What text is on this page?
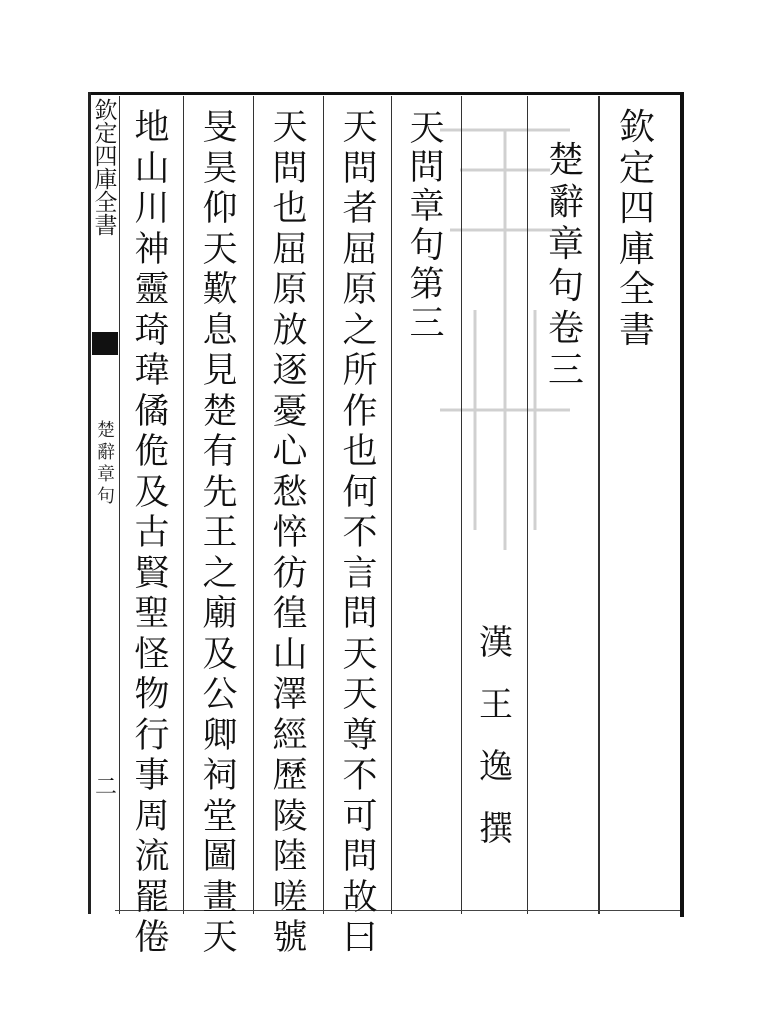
欽定四庫全書
楚辭章句
二
欽定四庫全書
楚辭章句卷三
漢 王逸 撰
天問章句第三
天問者屈原之所作也何不言問天天尊不可問故曰
天問也屈原放逐憂心愁悴彷徨山澤經歷陵陸嗟號
旻昊仰天歎息見楚有先王之廟及公卿祠堂圖畫天
地山川神靈琦瑋僪佹及古賢聖怪物行事周流罷倦
